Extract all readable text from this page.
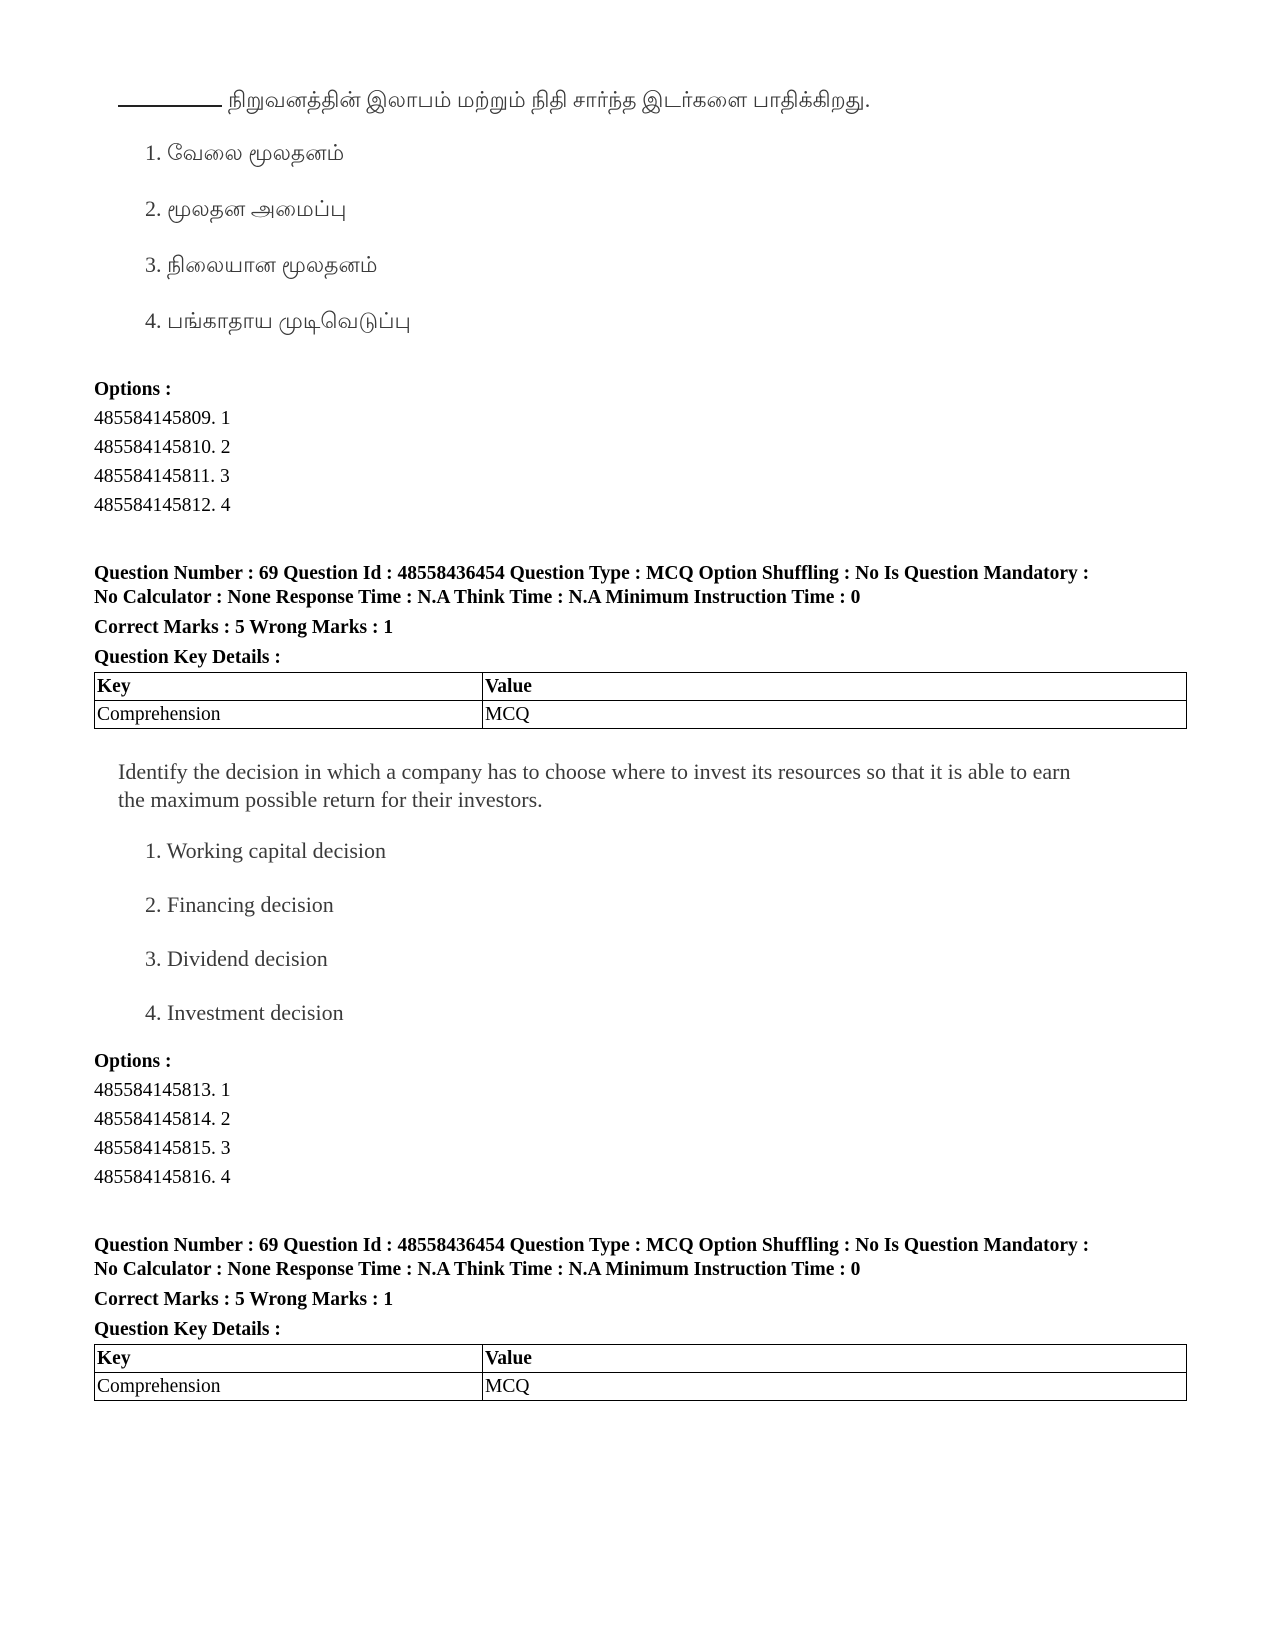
நிறுவனத்தின் இலாபம் மற்றும் நிதி சார்ந்த இடர்களை பாதிக்கிறது.
1. வேலை மூலதனம்
2. மூலதன அமைப்பு
3. நிலையான மூலதனம்
4. பங்காதாய முடிவெடுப்பு
Options :
485584145809. 1
485584145810. 2
485584145811. 3
485584145812. 4
Question Number : 69 Question Id : 48558436454 Question Type : MCQ Option Shuffling : No Is Question Mandatory :
No Calculator : None Response Time : N.A Think Time : N.A Minimum Instruction Time : 0
Correct Marks : 5 Wrong Marks : 1
Question Key Details :
Key	Value
Comprehension	MCQ
Identify the decision in which a company has to choose where to invest its resources so that it is able to earn
the maximum possible return for their investors.
1. Working capital decision
2. Financing decision
3. Dividend decision
4. Investment decision
Options :
485584145813. 1
485584145814. 2
485584145815. 3
485584145816. 4
Question Number : 69 Question Id : 48558436454 Question Type : MCQ Option Shuffling : No Is Question Mandatory :
No Calculator : None Response Time : N.A Think Time : N.A Minimum Instruction Time : 0
Correct Marks : 5 Wrong Marks : 1
Question Key Details :
Key	Value
Comprehension	MCQ
